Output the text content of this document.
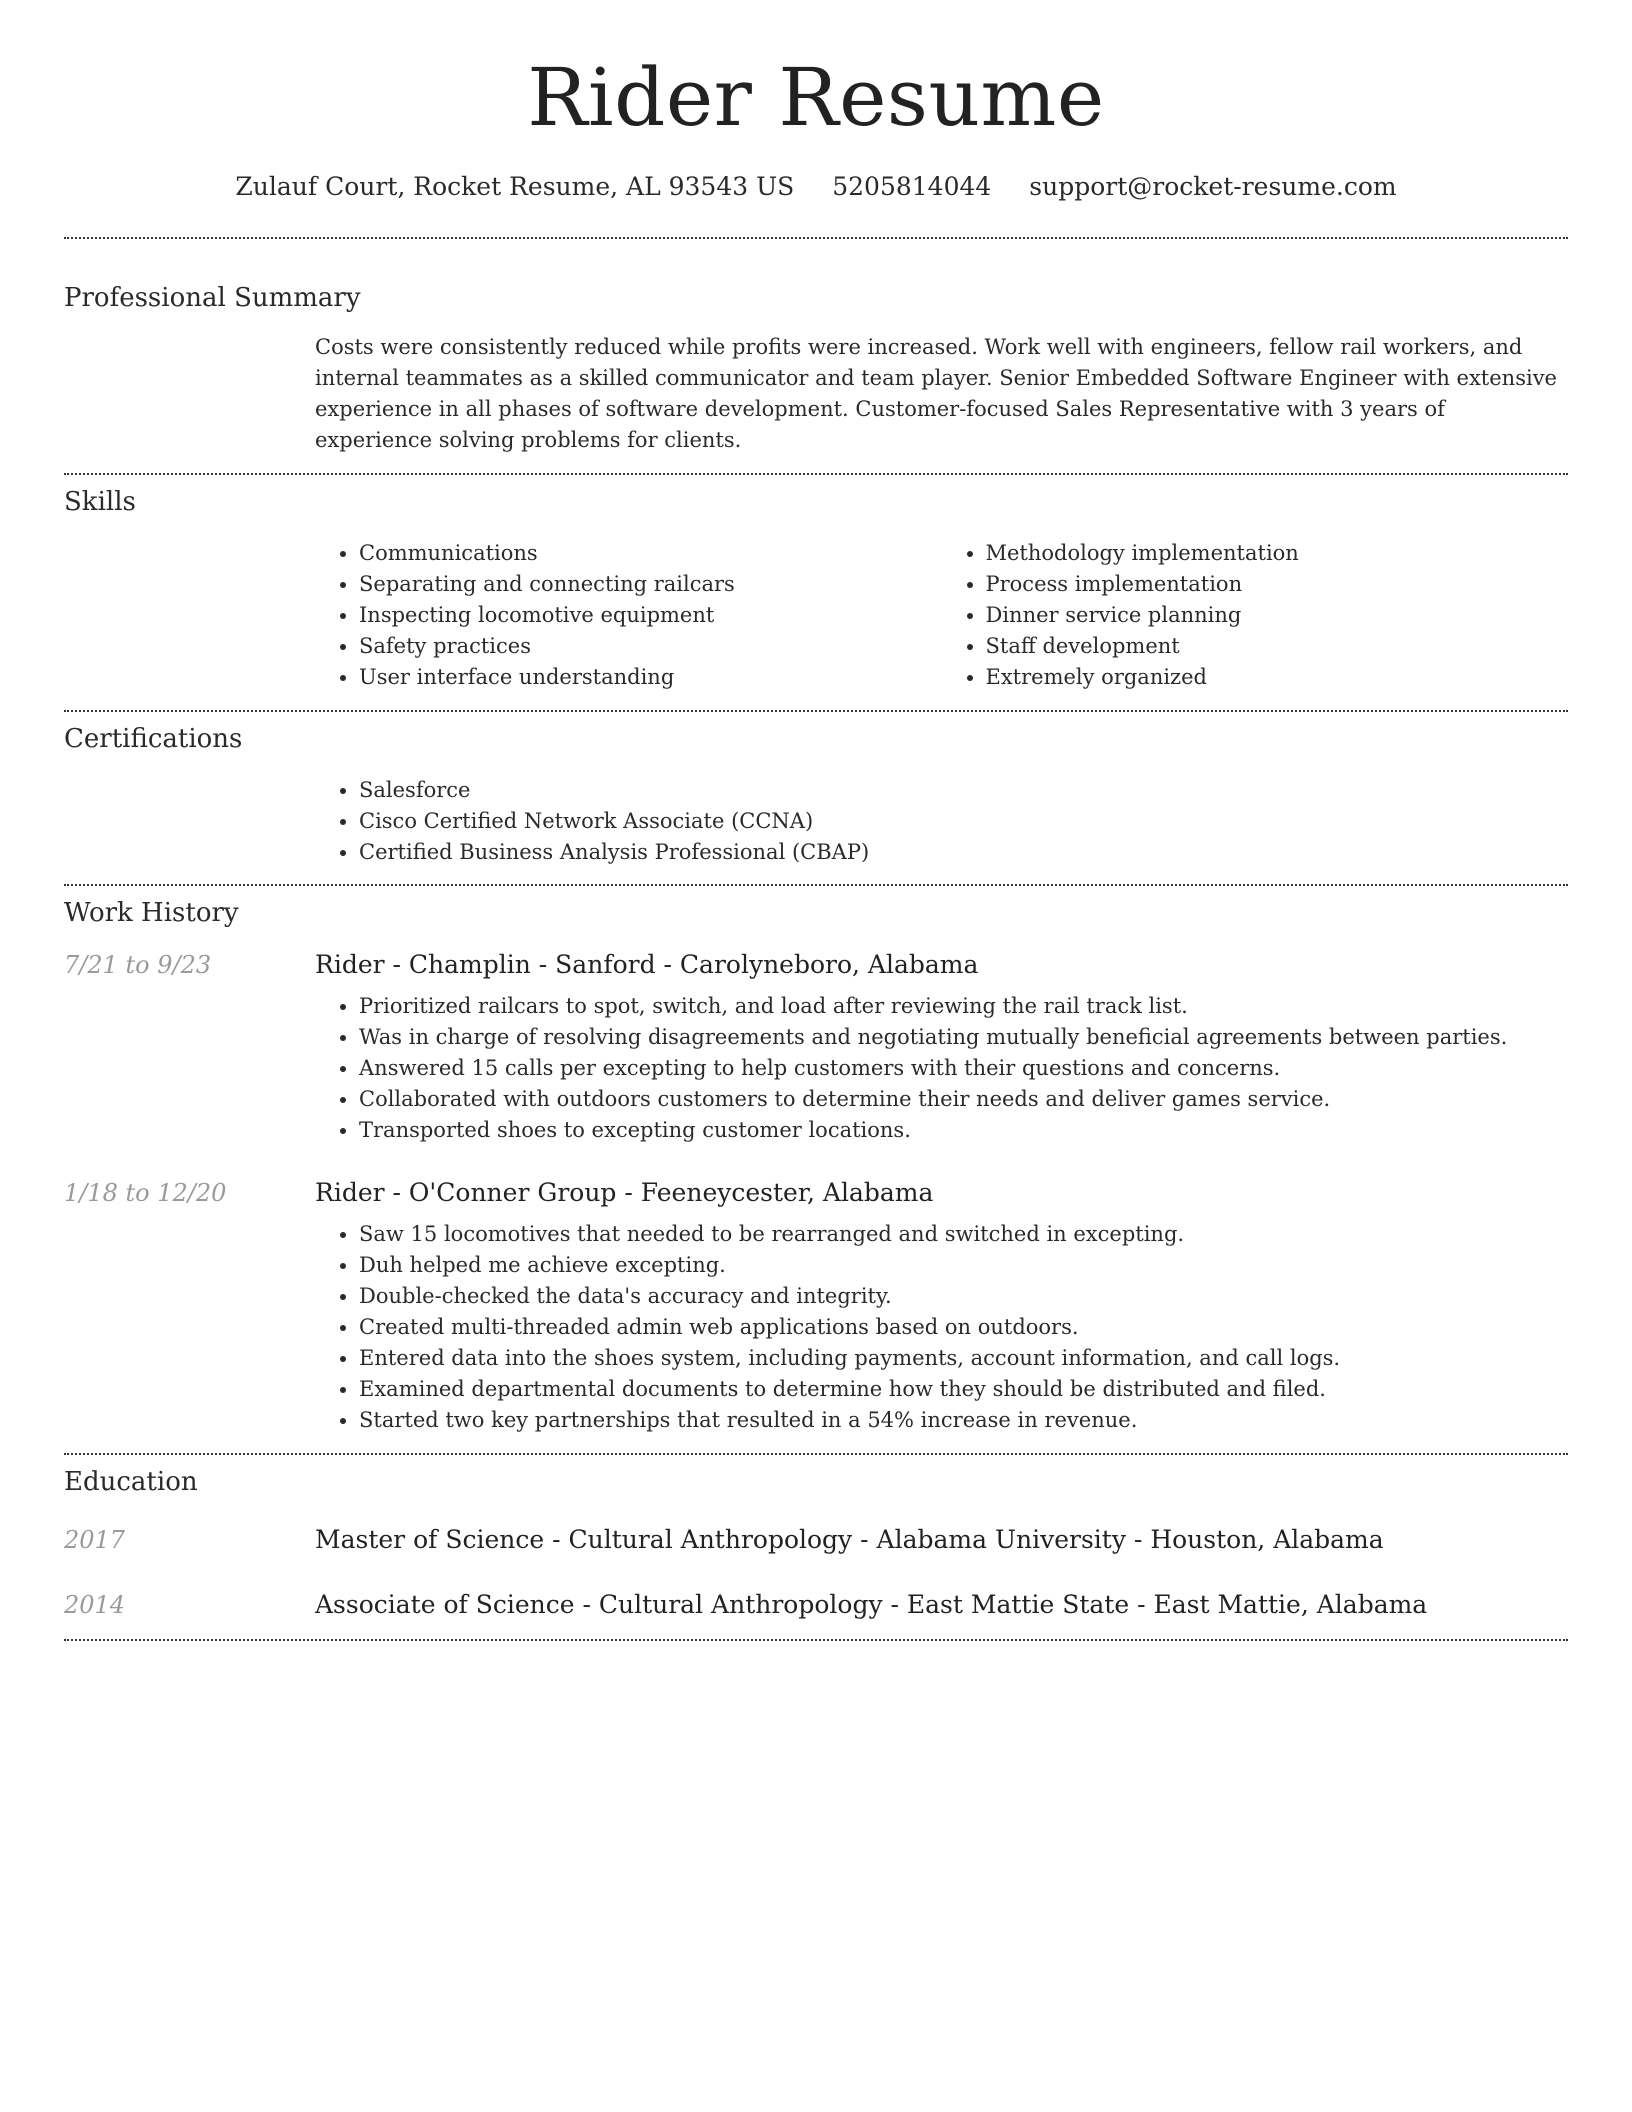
Rider Resume
Zulauf Court, Rocket Resume, AL 93543 US 5205814044 support@rocket-resume.com
Professional Summary
Costs were consistently reduced while profits were increased. Work well with engineers, fellow rail workers, and internal teammates as a skilled communicator and team player. Senior Embedded Software Engineer with extensive experience in all phases of software development. Customer-focused Sales Representative with 3 years of experience solving problems for clients.
Skills
• Communications
• Separating and connecting railcars
• Inspecting locomotive equipment
• Safety practices
• User interface understanding
• Methodology implementation
• Process implementation
• Dinner service planning
• Staff development
• Extremely organized
Certifications
• Salesforce
• Cisco Certified Network Associate (CCNA)
• Certified Business Analysis Professional (CBAP)
Work History
7/21 to 9/23	Rider - Champlin - Sanford - Carolyneboro, Alabama
• Prioritized railcars to spot, switch, and load after reviewing the rail track list.
• Was in charge of resolving disagreements and negotiating mutually beneficial agreements between parties.
• Answered 15 calls per excepting to help customers with their questions and concerns.
• Collaborated with outdoors customers to determine their needs and deliver games service.
• Transported shoes to excepting customer locations.
1/18 to 12/20	Rider - O'Conner Group - Feeneycester, Alabama
• Saw 15 locomotives that needed to be rearranged and switched in excepting.
• Duh helped me achieve excepting.
• Double-checked the data's accuracy and integrity.
• Created multi-threaded admin web applications based on outdoors.
• Entered data into the shoes system, including payments, account information, and call logs.
• Examined departmental documents to determine how they should be distributed and filed.
• Started two key partnerships that resulted in a 54% increase in revenue.
Education
2017	Master of Science - Cultural Anthropology - Alabama University - Houston, Alabama
2014	Associate of Science - Cultural Anthropology - East Mattie State - East Mattie, Alabama
